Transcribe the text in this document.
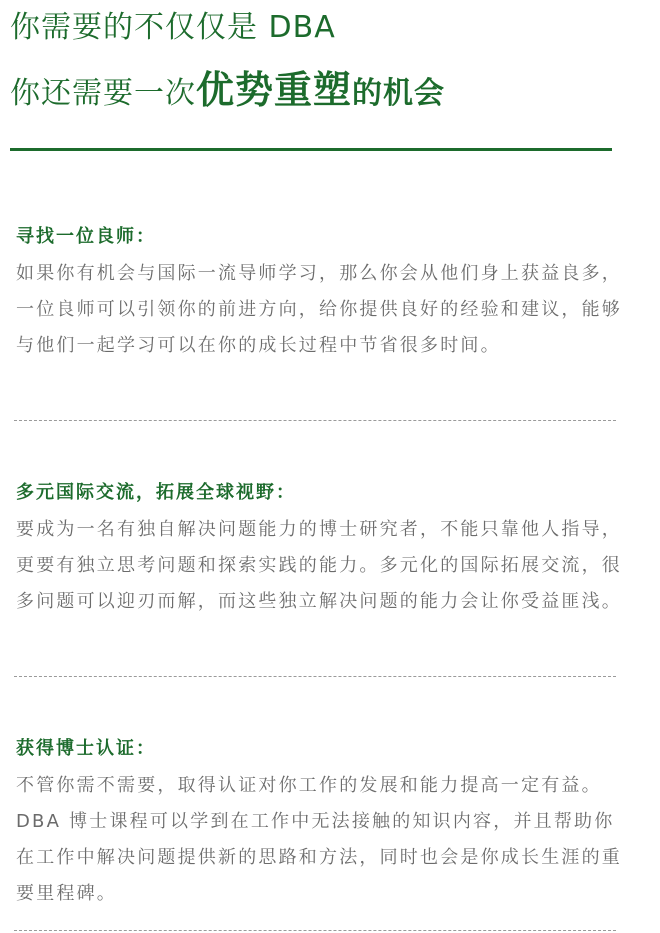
你需要的不仅仅是 DBA
你还需要一次优势重塑的机会

寻找一位良师：

如果你有机会与国际一流导师学习，那么你会从他们身上获益良多，一位良师可以引领你的前进方向，给你提供良好的经验和建议，能够与他们一起学习可以在你的成长过程中节省很多时间。

多元国际交流，拓展全球视野：

要成为一名有独自解决问题能力的博士研究者，不能只靠他人指导，更要有独立思考问题和探索实践的能力。多元化的国际拓展交流，很多问题可以迎刃而解，而这些独立解决问题的能力会让你受益匪浅。

获得博士认证：

不管你需不需要，取得认证对你工作的发展和能力提高一定有益。DBA 博士课程可以学到在工作中无法接触的知识内容，并且帮助你在工作中解决问题提供新的思路和方法，同时也会是你成长生涯的重要里程碑。
